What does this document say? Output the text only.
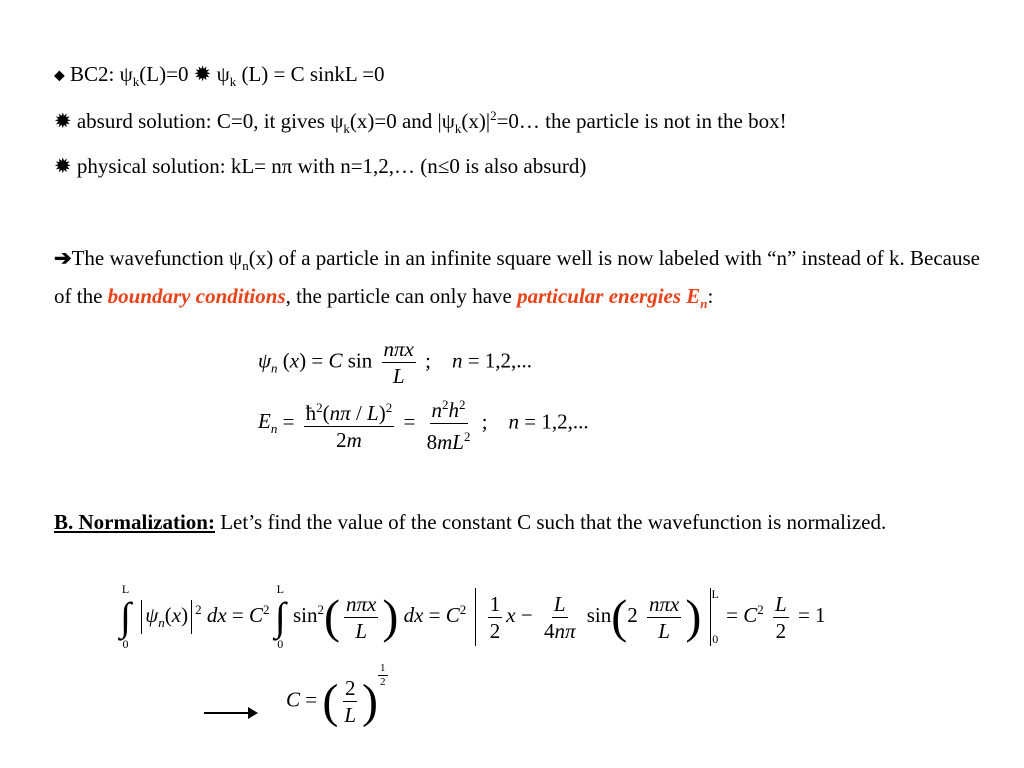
◆ BC2: $\psi_k(L)=0$ ✹ $\psi_k$ (L) = C sinkL =0
✹ absurd solution: C=0, it gives $\psi_k(x)=0$ and $|\psi_k(x)|^2=0\dots$ the particle is not in the box!
✹ physical solution: kL= nπ with n=1,2,… (n≤0 is also absurd)
➔The wavefunction $\psi_n(x)$ of a particle in an infinite square well is now labeled with “n” instead of k. Because of the boundary conditions, the particle can only have particular energies $E_n$:
$\psi_n$ (x) = C $\sin \frac{\text{nπx}}{L}$ ;    n = 1,2,...
$E_n = \frac{ħ^2(n\pi / L)^2}{2m} = \frac{n^2h^2}{8mL^2}$ ;    n = 1,2,...
B. Normalization: Let’s find the value of the constant C such that the wavefunction is normalized.
L
∫
0
$\psi_n(x)$ $^2$ dx = $C^2$
L
∫
0
$\sin^2( \frac{\text{nπx}}{L}$ ) dx = $C^2 \frac{1}{2}$ $x - \frac{L}{4n\pi} \sin(2 \frac{\text{nπx}}{L}$ ) L
0
= $C^2 \frac{L}{2} = 1$
C = ( $\frac{2}{L}$ ) $^{\frac{1}{2}}$
